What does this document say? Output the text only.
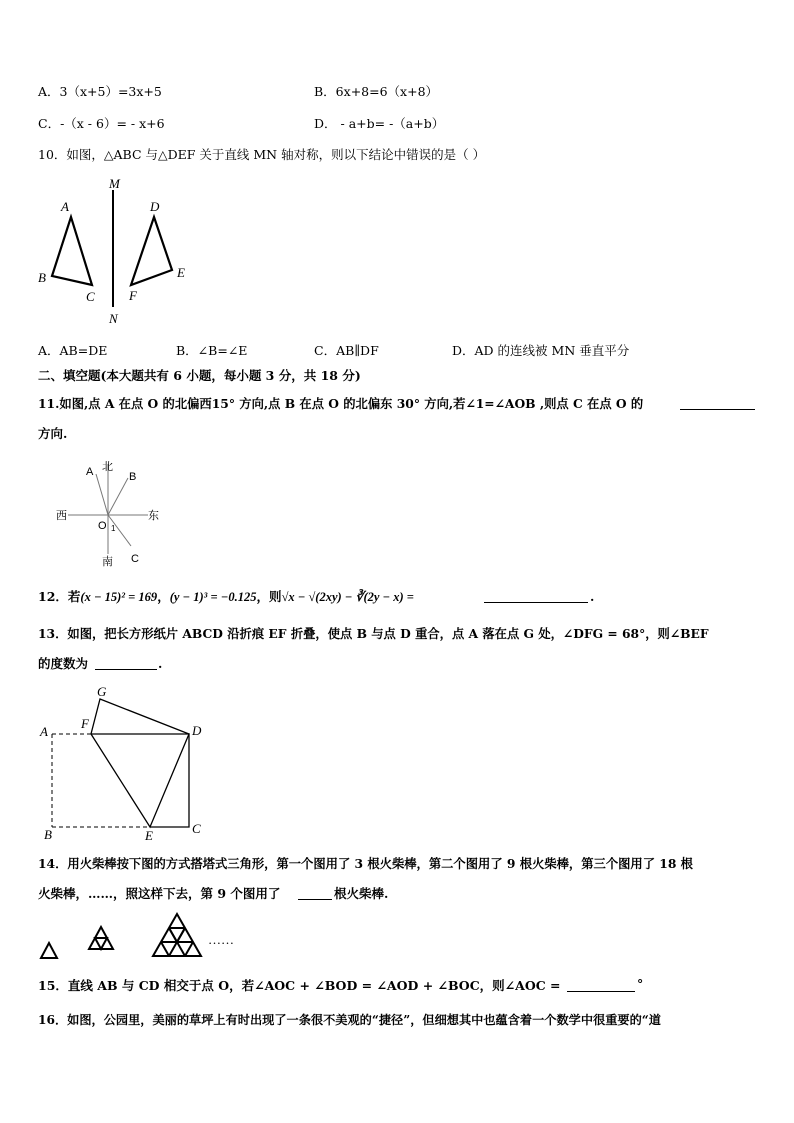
A．3（x+5）=3x+5	B．6x+8=6（x+8）
C．-（x - 6）= - x+6	D． - a+b= -（a+b）
10．如图，△ABC 与△DEF 关于直线 MN 轴对称，则以下结论中错误的是（ ）
M
N
A
B
C
D
E
F
A．AB=DE	B．∠B=∠E	C．AB∥DF	D．AD 的连线被 MN 垂直平分
二、填空题(本大题共有 6 小题，每小题 3 分，共 18 分)
11.如图,点 A 在点 O 的北偏西15° 方向,点 B 在点 O 的北偏东 30° 方向,若∠1=∠AOB ,则点 C 在点 O 的
方向.
北
南
西	东
A	B
C
O 1
12．若(x − 15)² = 169，(y − 1)³ = −0.125，则√x − √(2xy) − ∛(2y − x) =	.
13．如图，把长方形纸片 ABCD 沿折痕 EF 折叠，使点 B 与点 D 重合，点 A 落在点 G 处，∠DFG = 68°，则∠BEF
的度数为	.
G
F
A	D
B	E	C
14．用火柴棒按下图的方式搭塔式三角形，第一个图用了 3 根火柴棒，第二个图用了 9 根火柴棒，第三个图用了 18 根
火柴棒，……，照这样下去，第 9 个图用了	根火柴棒.
……
15．直线 AB 与 CD 相交于点 O，若∠AOC + ∠BOD = ∠AOD + ∠BOC，则∠AOC =	°
16．如图，公园里，美丽的草坪上有时出现了一条很不美观的“捷径”，但细想其中也蕴含着一个数学中很重要的“道
